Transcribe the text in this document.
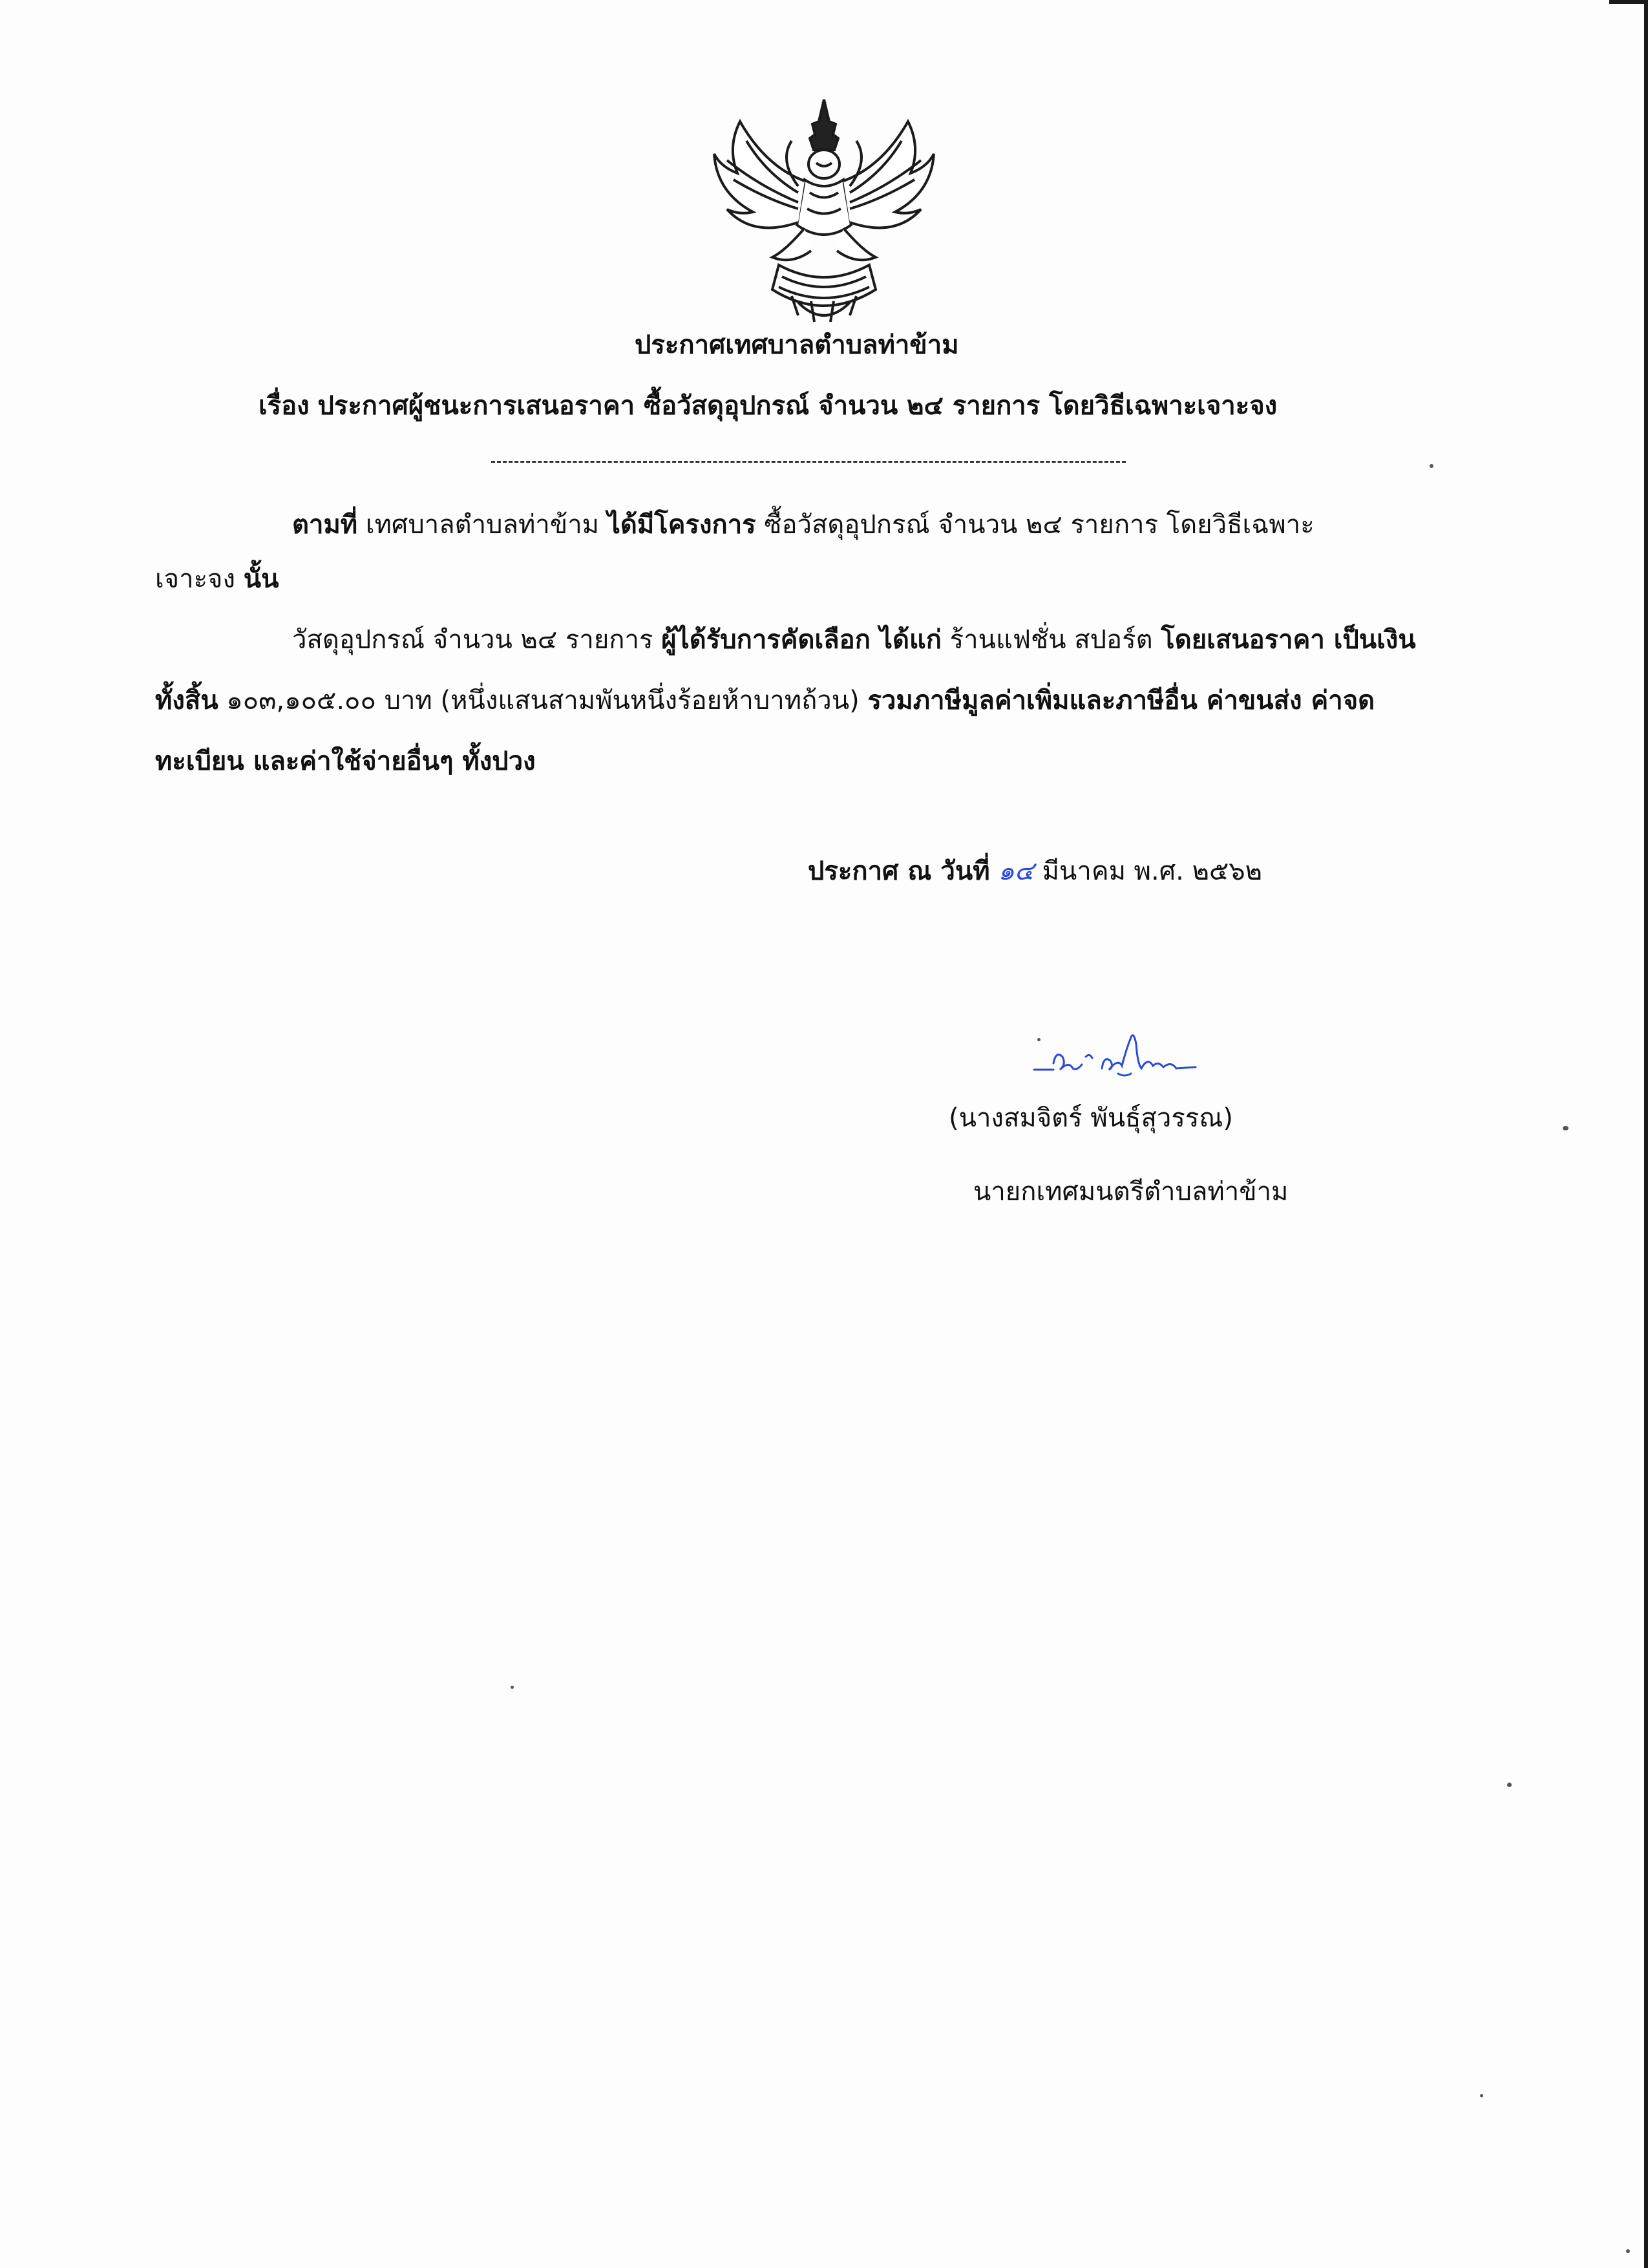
ประกาศเทศบาลตำบลท่าข้าม
เรื่อง ประกาศผู้ชนะการเสนอราคา ซื้อวัสดุอุปกรณ์ จำนวน ๒๔ รายการ โดยวิธีเฉพาะเจาะจง
ตามที่ เทศบาลตำบลท่าข้าม ได้มีโครงการ ซื้อวัสดุอุปกรณ์ จำนวน ๒๔ รายการ โดยวิธีเฉพาะ
เจาะจง นั้น
วัสดุอุปกรณ์ จำนวน ๒๔ รายการ ผู้ได้รับการคัดเลือก ได้แก่ ร้านแฟชั่น สปอร์ต โดยเสนอราคา เป็นเงิน
ทั้งสิ้น ๑๐๓,๑๐๕.๐๐ บาท (หนึ่งแสนสามพันหนึ่งร้อยห้าบาทถ้วน) รวมภาษีมูลค่าเพิ่มและภาษีอื่น ค่าขนส่ง ค่าจด
ทะเบียน และค่าใช้จ่ายอื่นๆ ทั้งปวง
ประกาศ ณ วันที่ ๑๔ มีนาคม พ.ศ. ๒๕๖๒
(นางสมจิตร์ พันธุ์สุวรรณ)
นายกเทศมนตรีตำบลท่าข้าม
